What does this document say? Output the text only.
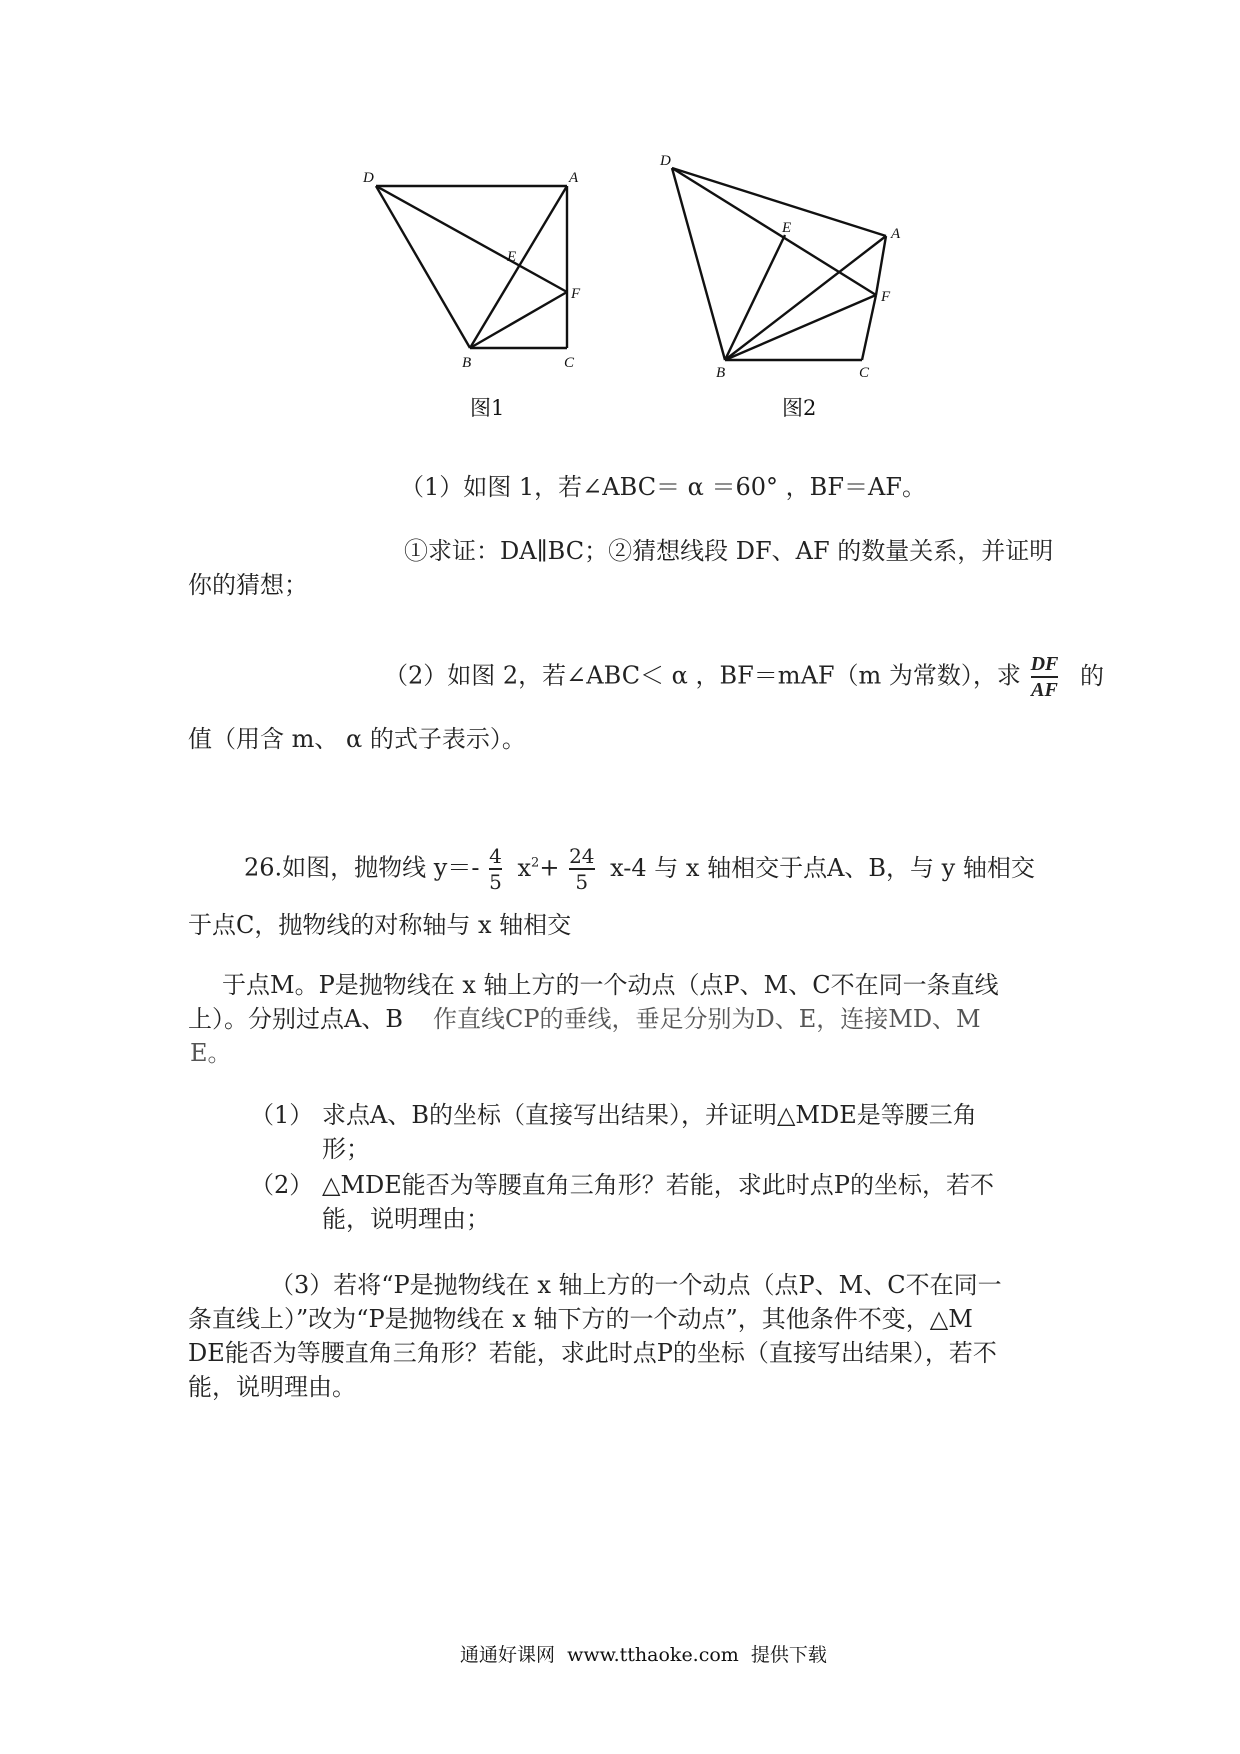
D	A
E
F
B	C
图1
D
A
E
F
B	C
图2
（1）如图 1，若∠ABC＝ α ＝60° ，BF＝AF。
①求证：DA∥BC；②猜想线段 DF、AF 的数量关系，并证明
你的猜想；
（2）如图 2，若∠ABC＜ α ，BF＝mAF（m 为常数），求 $\frac{DF}{AF}$ 的
值（用含 m、 α 的式子表示）。
26.如图，抛物线 $y=- \frac{4}{5} x^2+ \frac{24}{5} x-4$ 与 x 轴相交于点A、B，与 y 轴相交
于点C，抛物线的对称轴与 x 轴相交
于点M。P是抛物线在 x 轴上方的一个动点（点P、M、C不在同一条直线
上）。分别过点A、B 作直线CP的垂线，垂足分别为D、E，连接MD、M
E。
（1） 求点A、B的坐标（直接写出结果），并证明△MDE是等腰三角
形；
（2） △MDE能否为等腰直角三角形？若能，求此时点P的坐标，若不
能，说明理由；
（3）若将“P是抛物线在 x 轴上方的一个动点（点P、M、C不在同一
条直线上）”改为“P是抛物线在 x 轴下方的一个动点”，其他条件不变，△M
DE能否为等腰直角三角形？若能，求此时点P的坐标（直接写出结果），若不
能，说明理由。
通通好课网  www.tthaoke.com  提供下载
